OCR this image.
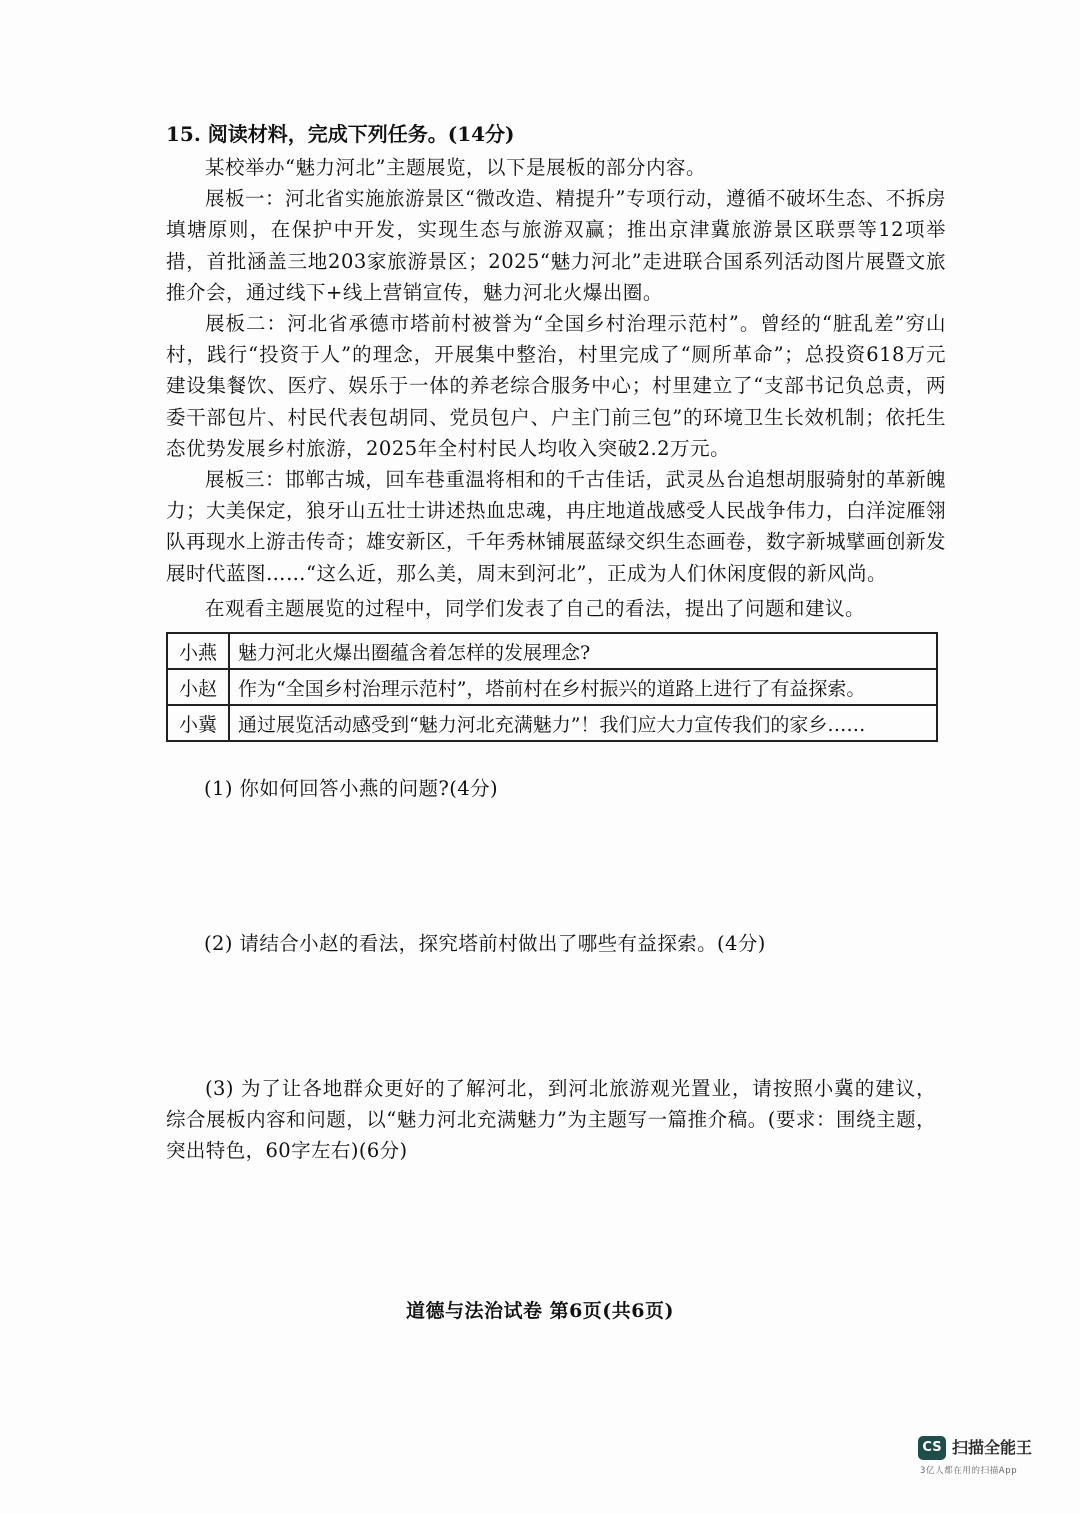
15. 阅读材料，完成下列任务。(14分)

某校举办“魅力河北”主题展览，以下是展板的部分内容。

展板一：河北省实施旅游景区“微改造、精提升”专项行动，遵循不破坏生态、不拆房填塘原则，在保护中开发，实现生态与旅游双赢；推出京津冀旅游景区联票等12项举措，首批涵盖三地203家旅游景区；2025“魅力河北”走进联合国系列活动图片展暨文旅推介会，通过线下+线上营销宣传，魅力河北火爆出圈。

展板二：河北省承德市塔前村被誉为“全国乡村治理示范村”。曾经的“脏乱差”穷山村，践行“投资于人”的理念，开展集中整治，村里完成了“厕所革命”；总投资618万元建设集餐饮、医疗、娱乐于一体的养老综合服务中心；村里建立了“支部书记负总责，两委干部包片、村民代表包胡同、党员包户、户主门前三包”的环境卫生长效机制；依托生态优势发展乡村旅游，2025年全村村民人均收入突破2.2万元。

展板三：邯郸古城，回车巷重温将相和的千古佳话，武灵丛台追想胡服骑射的革新魄力；大美保定，狼牙山五壮士讲述热血忠魂，冉庄地道战感受人民战争伟力，白洋淀雁翎队再现水上游击传奇；雄安新区，千年秀林铺展蓝绿交织生态画卷，数字新城擘画创新发展时代蓝图……“这么近，那么美，周末到河北”，正成为人们休闲度假的新风尚。

在观看主题展览的过程中，同学们发表了自己的看法，提出了问题和建议。

小燕	魅力河北火爆出圈蕴含着怎样的发展理念?
小赵	作为“全国乡村治理示范村”，塔前村在乡村振兴的道路上进行了有益探索。
小冀	通过展览活动感受到“魅力河北充满魅力”！我们应大力宣传我们的家乡……

(1) 你如何回答小燕的问题?(4分)

(2) 请结合小赵的看法，探究塔前村做出了哪些有益探索。(4分)

(3) 为了让各地群众更好的了解河北，到河北旅游观光置业，请按照小冀的建议，综合展板内容和问题，以“魅力河北充满魅力”为主题写一篇推介稿。(要求：围绕主题，突出特色，60字左右)(6分)

道德与法治试卷 第6页(共6页)
CS 扫描全能王
3亿人都在用的扫描App
